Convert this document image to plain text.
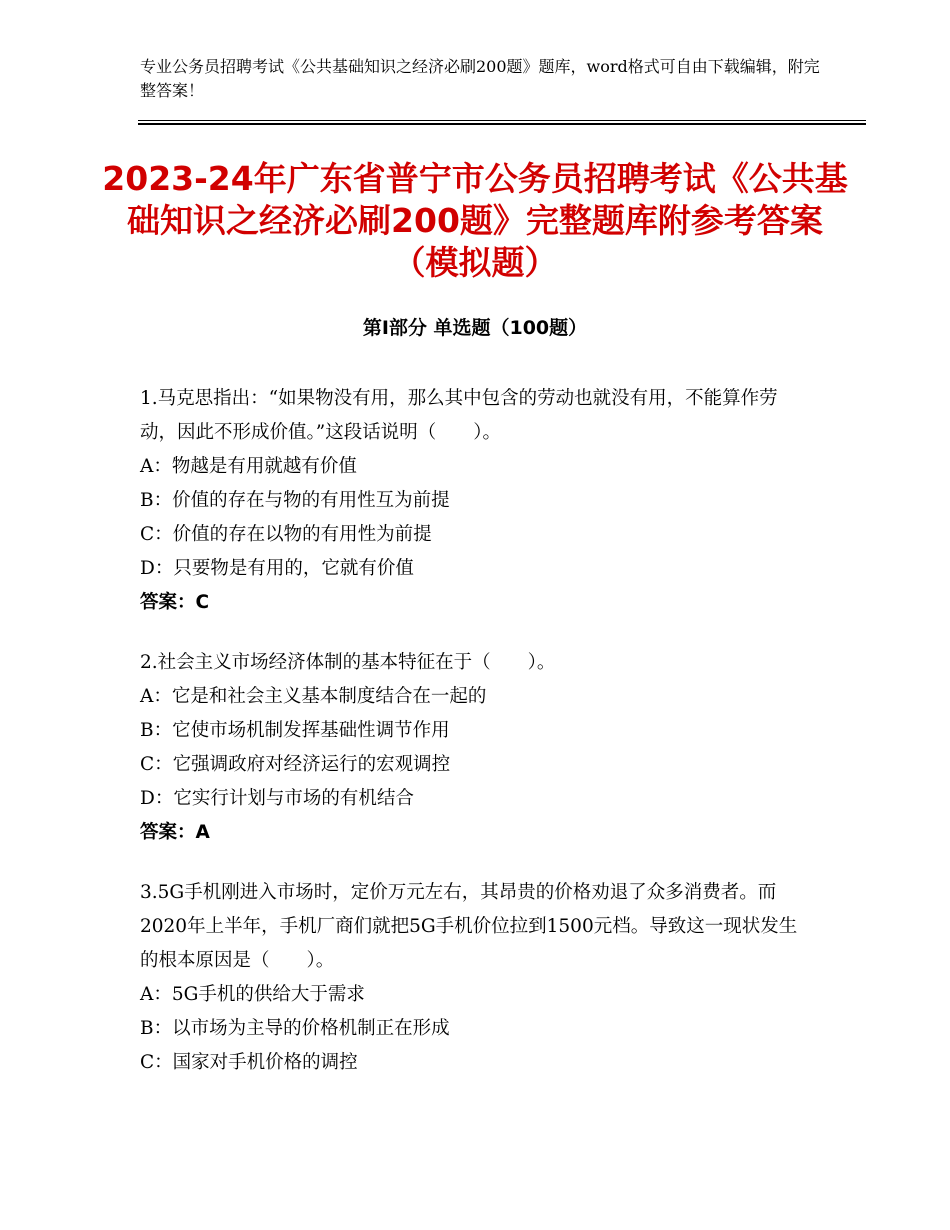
专业公务员招聘考试《公共基础知识之经济必刷200题》题库，word格式可自由下载编辑，附完整答案！
2023-24年广东省普宁市公务员招聘考试《公共基础知识之经济必刷200题》完整题库附参考答案（模拟题）
第Ⅰ部分 单选题（100题）
1.马克思指出：“如果物没有用，那么其中包含的劳动也就没有用，不能算作劳动，因此不形成价值。”这段话说明（　　）。
A：物越是有用就越有价值
B：价值的存在与物的有用性互为前提
C：价值的存在以物的有用性为前提
D：只要物是有用的，它就有价值
答案：C
2.社会主义市场经济体制的基本特征在于（　　）。
A：它是和社会主义基本制度结合在一起的
B：它使市场机制发挥基础性调节作用
C：它强调政府对经济运行的宏观调控
D：它实行计划与市场的有机结合
答案：A
3.5G手机刚进入市场时，定价万元左右，其昂贵的价格劝退了众多消费者。而2020年上半年，手机厂商们就把5G手机价位拉到1500元档。导致这一现状发生的根本原因是（　　）。
A：5G手机的供给大于需求
B：以市场为主导的价格机制正在形成
C：国家对手机价格的调控
